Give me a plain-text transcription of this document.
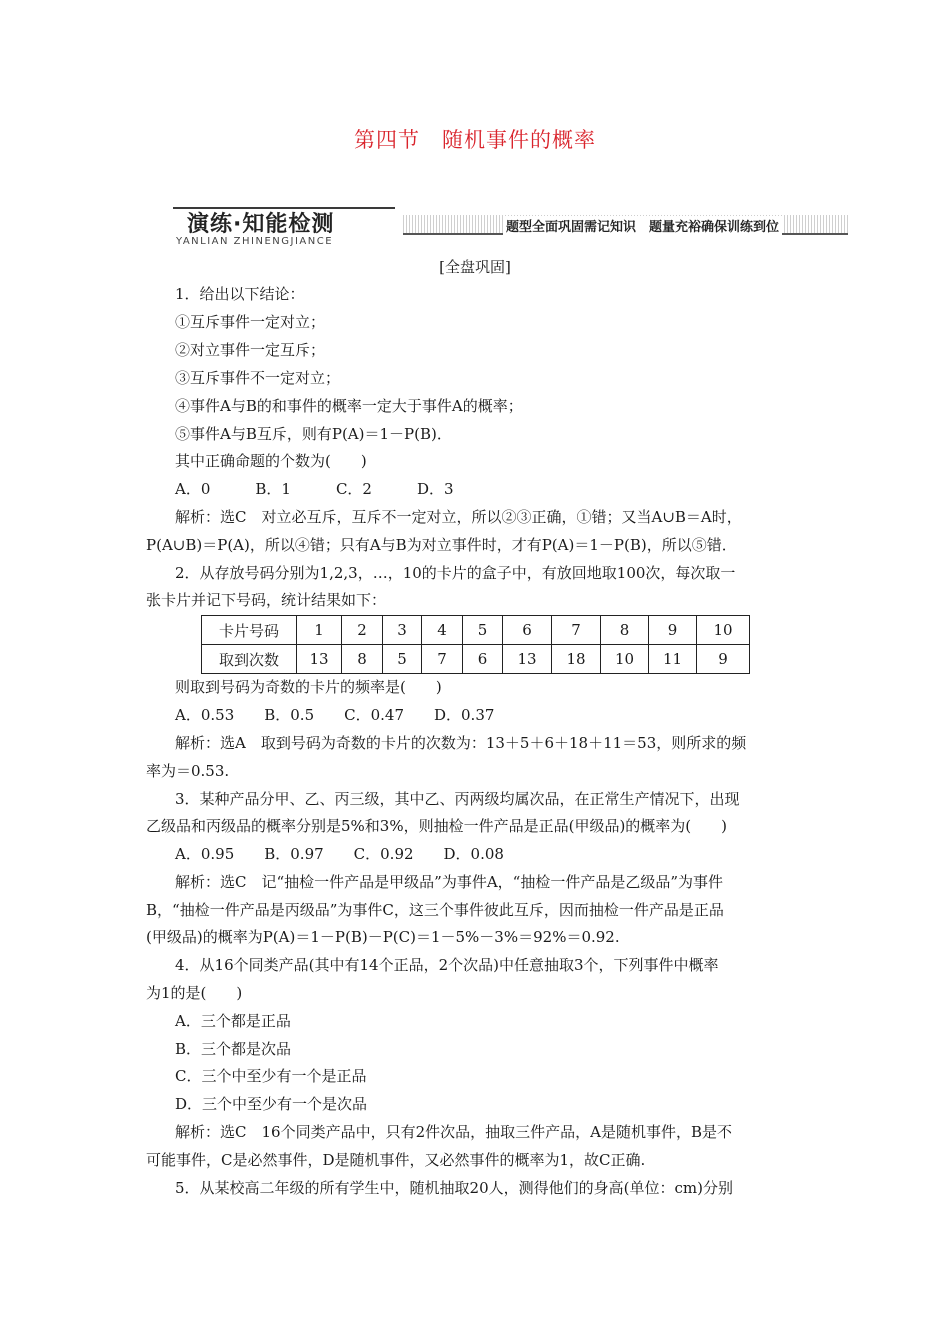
第四节　随机事件的概率
演练·知能检测
YANLIAN ZHINENGJIANCE
题型全面巩固需记知识　题量充裕确保训练到位
[全盘巩固]
1．给出以下结论：
①互斥事件一定对立；
②对立事件一定互斥；
③互斥事件不一定对立；
④事件A与B的和事件的概率一定大于事件A的概率；
⑤事件A与B互斥，则有P(A)＝1－P(B)．
其中正确命题的个数为(　　)
A．0　　　B．1　　　C．2　　　D．3
解析：选C　对立必互斥，互斥不一定对立，所以②③正确，①错；又当A∪B＝A时，
P(A∪B)＝P(A)，所以④错；只有A与B为对立事件时，才有P(A)＝1－P(B)，所以⑤错．
2．从存放号码分别为1,2,3，…，10的卡片的盒子中，有放回地取100次，每次取一
张卡片并记下号码，统计结果如下：
卡片号码	1	2	3	4	5	6	7	8	9	10
取到次数	13	8	5	7	6	13	18	10	11	9
则取到号码为奇数的卡片的频率是(　　)
A．0.53　　B．0.5　　C．0.47　　D．0.37
解析：选A　取到号码为奇数的卡片的次数为：13＋5＋6＋18＋11＝53，则所求的频
率为＝0.53.
3．某种产品分甲、乙、丙三级，其中乙、丙两级均属次品，在正常生产情况下，出现
乙级品和丙级品的概率分别是5%和3%，则抽检一件产品是正品(甲级品)的概率为(　　)
A．0.95　　B．0.97　　C．0.92　　D．0.08
解析：选C　记“抽检一件产品是甲级品”为事件A，“抽检一件产品是乙级品”为事件
B，“抽检一件产品是丙级品”为事件C，这三个事件彼此互斥，因而抽检一件产品是正品
(甲级品)的概率为P(A)＝1－P(B)－P(C)＝1－5%－3%＝92%＝0.92.
4．从16个同类产品(其中有14个正品，2个次品)中任意抽取3个，下列事件中概率
为1的是(　　)
A．三个都是正品
B．三个都是次品
C．三个中至少有一个是正品
D．三个中至少有一个是次品
解析：选C　16个同类产品中，只有2件次品，抽取三件产品，A是随机事件，B是不
可能事件，C是必然事件，D是随机事件，又必然事件的概率为1，故C正确.
5．从某校高二年级的所有学生中，随机抽取20人，测得他们的身高(单位：cm)分别
